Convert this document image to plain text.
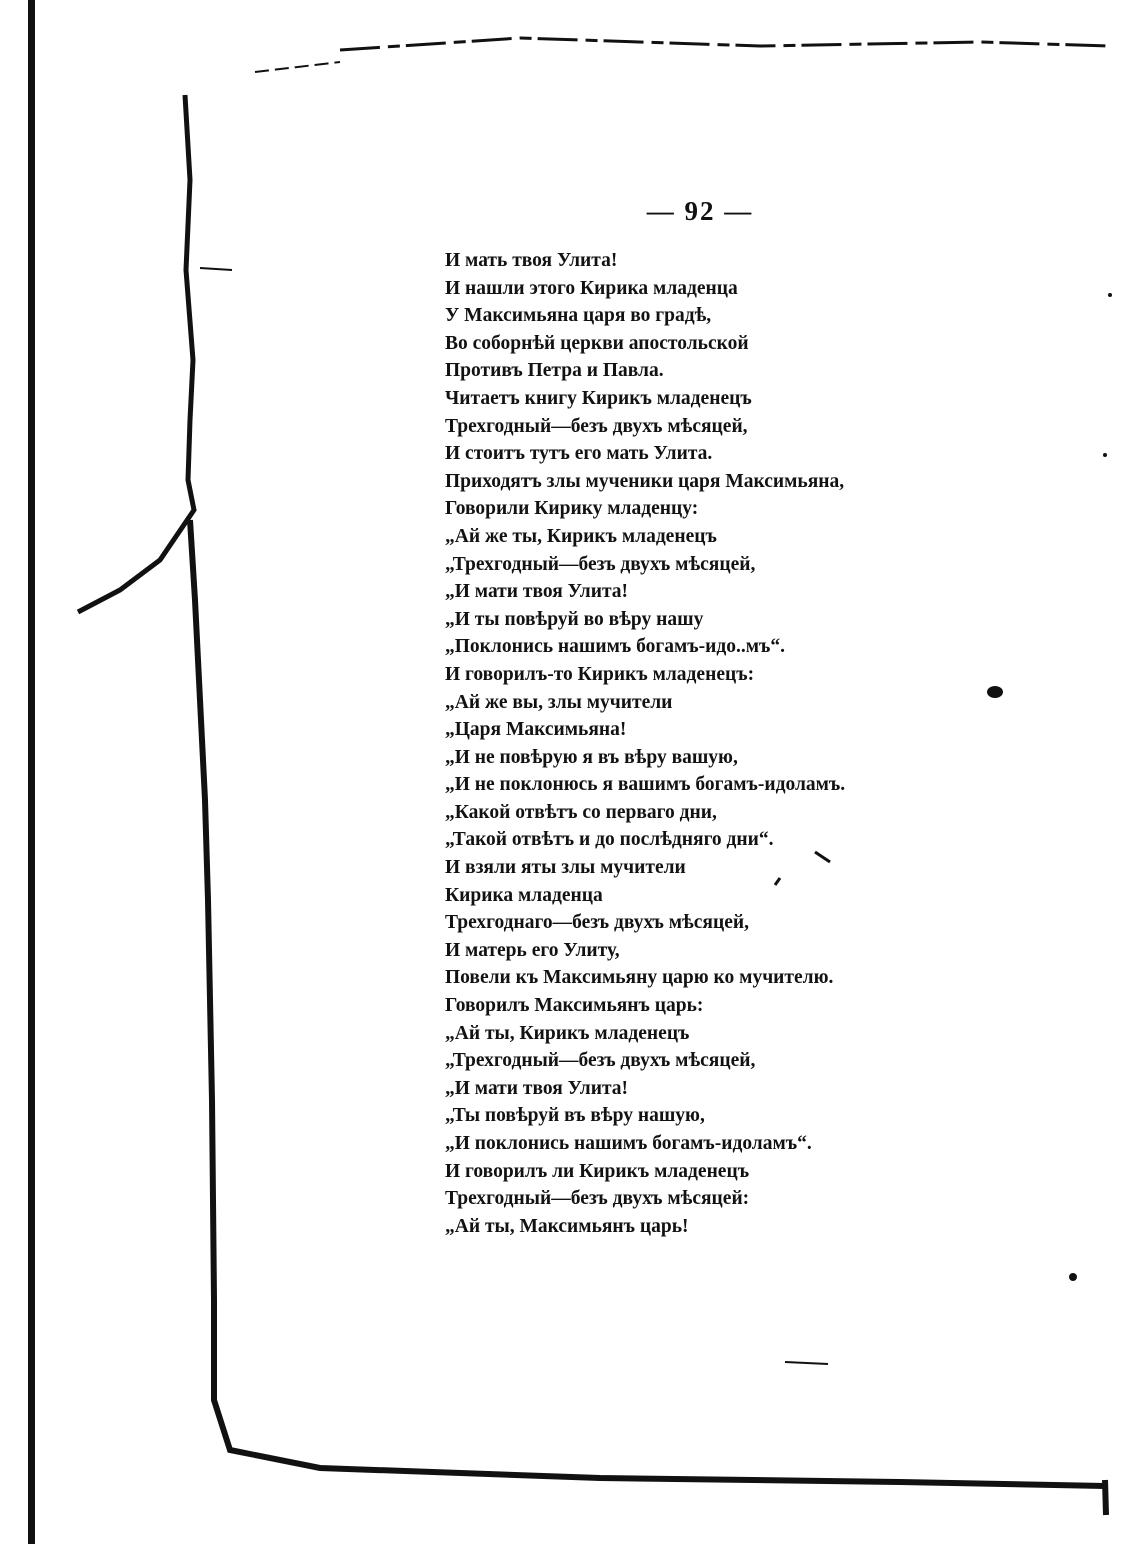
— 92 —
И мать твоя Улита!
И нашли этого Кирика младенца
У Максимьяна царя во градѣ,
Во соборнѣй церкви апостольской
Противъ Петра и Павла.
Читаетъ книгу Кирикъ младенецъ
Трехгодный—безъ двухъ мѣсяцей,
И стоитъ тутъ его мать Улита.
Приходятъ злы мученики царя Максимьяна,
Говорили Кирику младенцу:
„Ай же ты, Кирикъ младенецъ
„Трехгодный—безъ двухъ мѣсяцей,
„И мати твоя Улита!
„И ты повѣруй во вѣру нашу
„Поклонись нашимъ богамъ-идо..мъ“.
И говорилъ-то Кирикъ младенецъ:
„Ай же вы, злы мучители
„Царя Максимьяна!
„И не повѣрую я въ вѣру вашую,
„И не поклонюсь я вашимъ богамъ-идоламъ.
„Какой отвѣтъ со перваго дни,
„Такой отвѣтъ и до послѣдняго дни“.
И взяли яты злы мучители
Кирика младенца
Трехгоднаго—безъ двухъ мѣсяцей,
И матерь его Улиту,
Повели къ Максимьяну царю ко мучителю.
Говорилъ Максимьянъ царь:
„Ай ты, Кирикъ младенецъ
„Трехгодный—безъ двухъ мѣсяцей,
„И мати твоя Улита!
„Ты повѣруй въ вѣру нашую,
„И поклонись нашимъ богамъ-идоламъ“.
И говорилъ ли Кирикъ младенецъ
Трехгодный—безъ двухъ мѣсяцей:
„Ай ты, Максимьянъ царь!
